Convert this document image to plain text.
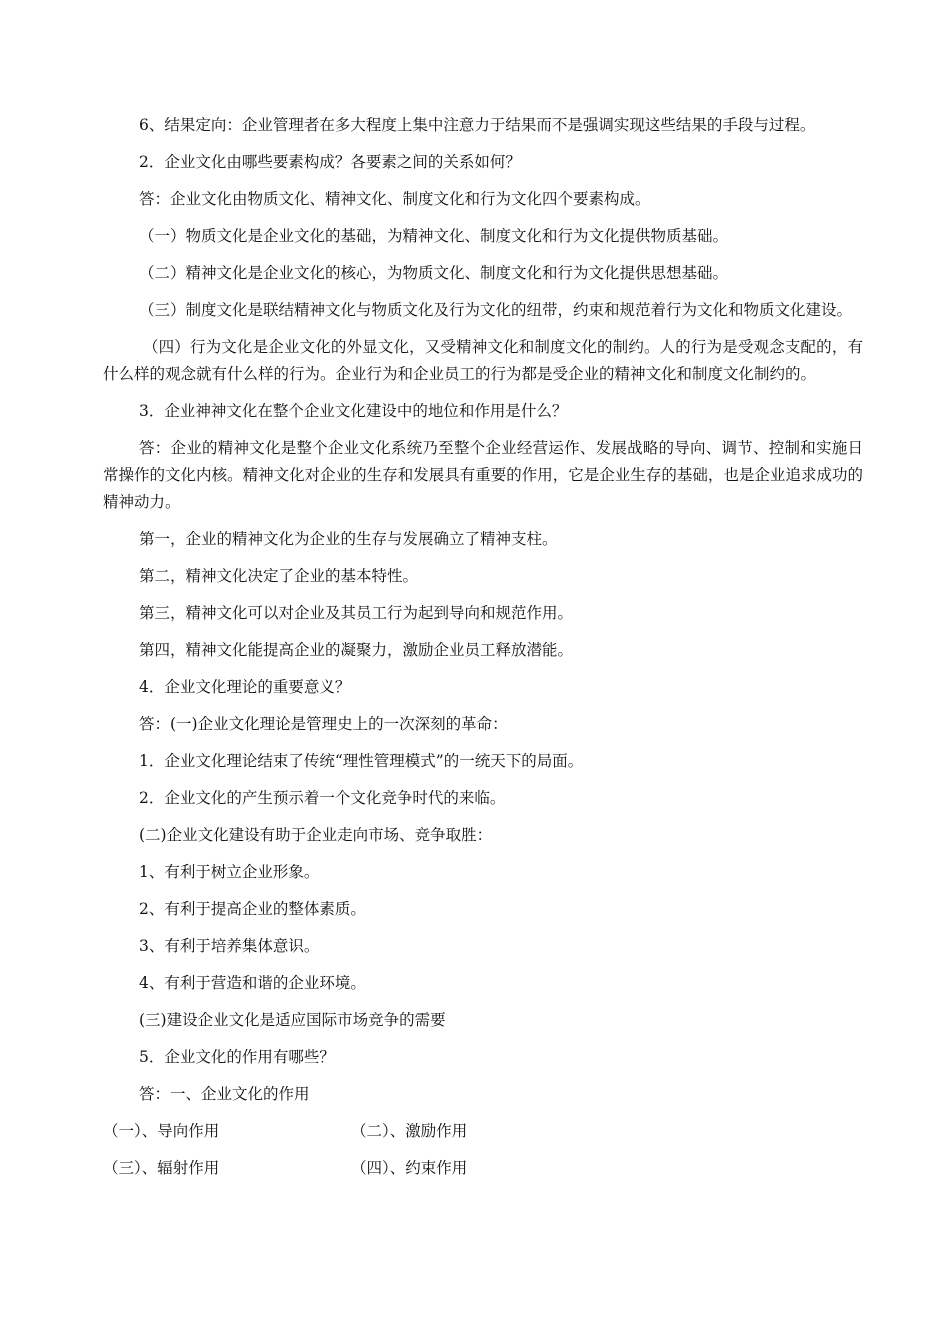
6、结果定向：企业管理者在多大程度上集中注意力于结果而不是强调实现这些结果的手段与过程。

2．企业文化由哪些要素构成？各要素之间的关系如何？

答：企业文化由物质文化、精神文化、制度文化和行为文化四个要素构成。

（一）物质文化是企业文化的基础，为精神文化、制度文化和行为文化提供物质基础。

（二）精神文化是企业文化的核心，为物质文化、制度文化和行为文化提供思想基础。

（三）制度文化是联结精神文化与物质文化及行为文化的纽带，约束和规范着行为文化和物质文化建设。

（四）行为文化是企业文化的外显文化，又受精神文化和制度文化的制约。人的行为是受观念支配的，有什么样的观念就有什么样的行为。企业行为和企业员工的行为都是受企业的精神文化和制度文化制约的。

3．企业神神文化在整个企业文化建设中的地位和作用是什么？

答：企业的精神文化是整个企业文化系统乃至整个企业经营运作、发展战略的导向、调节、控制和实施日常操作的文化内核。精神文化对企业的生存和发展具有重要的作用，它是企业生存的基础，也是企业追求成功的精神动力。

第一，企业的精神文化为企业的生存与发展确立了精神支柱。

第二，精神文化决定了企业的基本特性。

第三，精神文化可以对企业及其员工行为起到导向和规范作用。

第四，精神文化能提高企业的凝聚力，激励企业员工释放潜能。

4．企业文化理论的重要意义？

答：(一)企业文化理论是管理史上的一次深刻的革命：

1．企业文化理论结束了传统“理性管理模式”的一统天下的局面。

2．企业文化的产生预示着一个文化竞争时代的来临。

(二)企业文化建设有助于企业走向市场、竞争取胜：

1、有利于树立企业形象。

2、有利于提高企业的整体素质。

3、有利于培养集体意识。

4、有利于营造和谐的企业环境。

(三)建设企业文化是适应国际市场竞争的需要

5．企业文化的作用有哪些？

答：一、企业文化的作用

（一）、导向作用	（二）、激励作用
（三）、辐射作用	（四）、约束作用
